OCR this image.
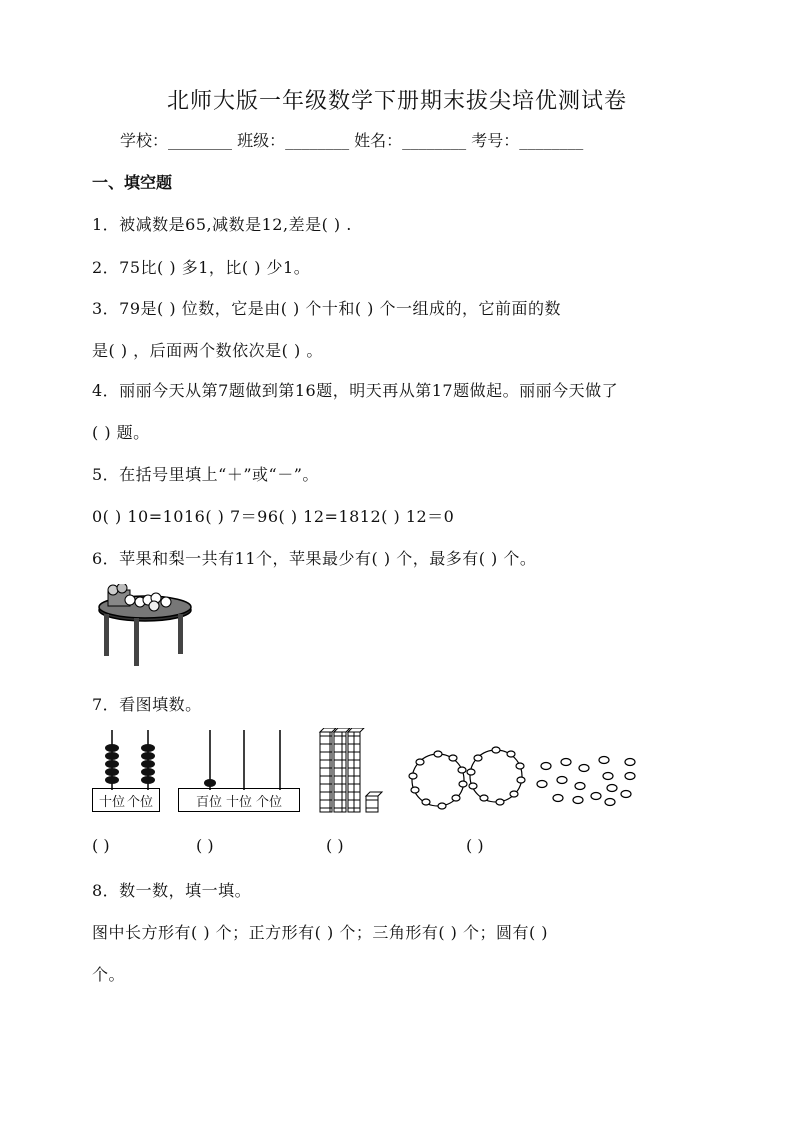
北师大版一年级数学下册期末拔尖培优测试卷
学校：________ 班级：________ 姓名：________ 考号：________
一、填空题
1．被减数是65,减数是12,差是( ) .
2．75比( ) 多1，比( ) 少1。
3．79是( ) 位数，它是由( ) 个十和( ) 个一组成的，它前面的数
是( ) ，后面两个数依次是( ) 。
4．丽丽今天从第7题做到第16题，明天再从第17题做起。丽丽今天做了
( ) 题。
5．在括号里填上“＋”或“－”。
0( ) 10=1016( ) 7＝96( ) 12=1812( ) 12＝0
6．苹果和梨一共有11个，苹果最少有( ) 个，最多有( ) 个。
7．看图填数。
十位 个位	百位 十位 个位
( )	( )	( )	( )
8．数一数，填一填。
图中长方形有( ) 个；正方形有( ) 个；三角形有( ) 个；圆有( )
个。
